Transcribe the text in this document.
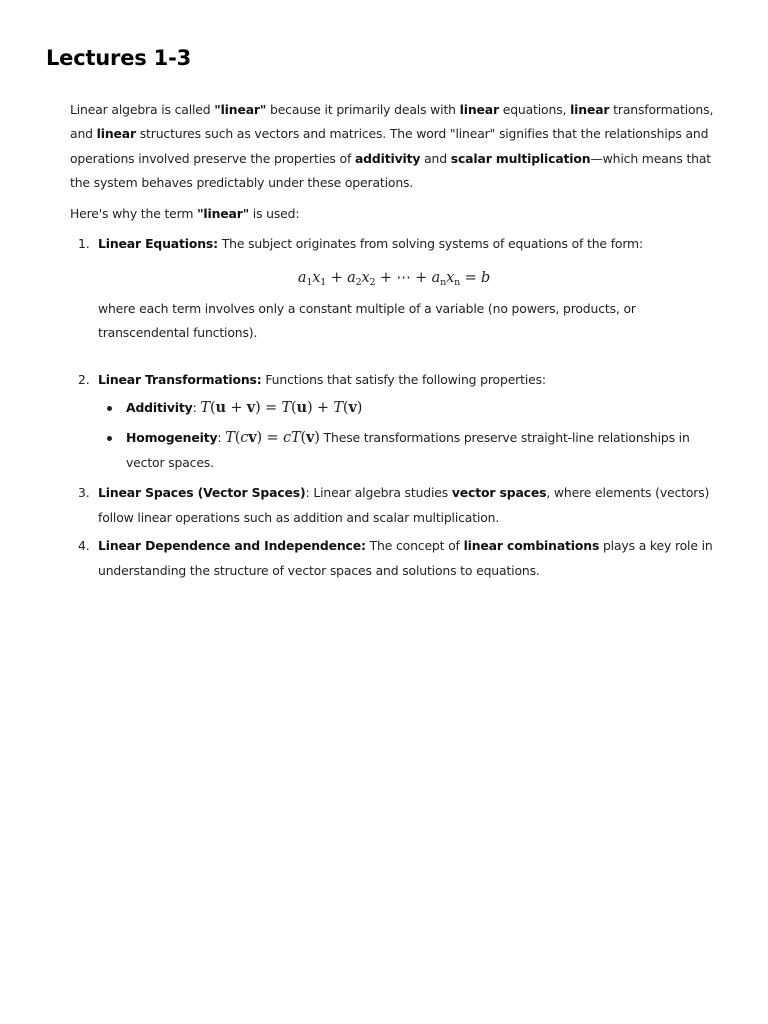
Lectures 1-3

Linear algebra is called "linear" because it primarily deals with linear equations, linear transformations, and linear structures such as vectors and matrices. The word "linear" signifies that the relationships and operations involved preserve the properties of additivity and scalar multiplication—which means that the system behaves predictably under these operations.

Here's why the term "linear" is used:

1. Linear Equations: The subject originates from solving systems of equations of the form:
$a_1x_1 + a_2x_2$ + ⋯ + $a_nx_n = b$

where each term involves only a constant multiple of a variable (no powers, products, or transcendental functions).

2. Linear Transformations: Functions that satisfy the following properties:
Additivity: T(u + v) = T(u) + T(v)
Homogeneity: T(cv) = cT(v) These transformations preserve straight-line relationships in vector spaces.
3. Linear Spaces (Vector Spaces): Linear algebra studies vector spaces, where elements (vectors) follow linear operations such as addition and scalar multiplication.
4. Linear Dependence and Independence: The concept of linear combinations plays a key role in understanding the structure of vector spaces and solutions to equations.
